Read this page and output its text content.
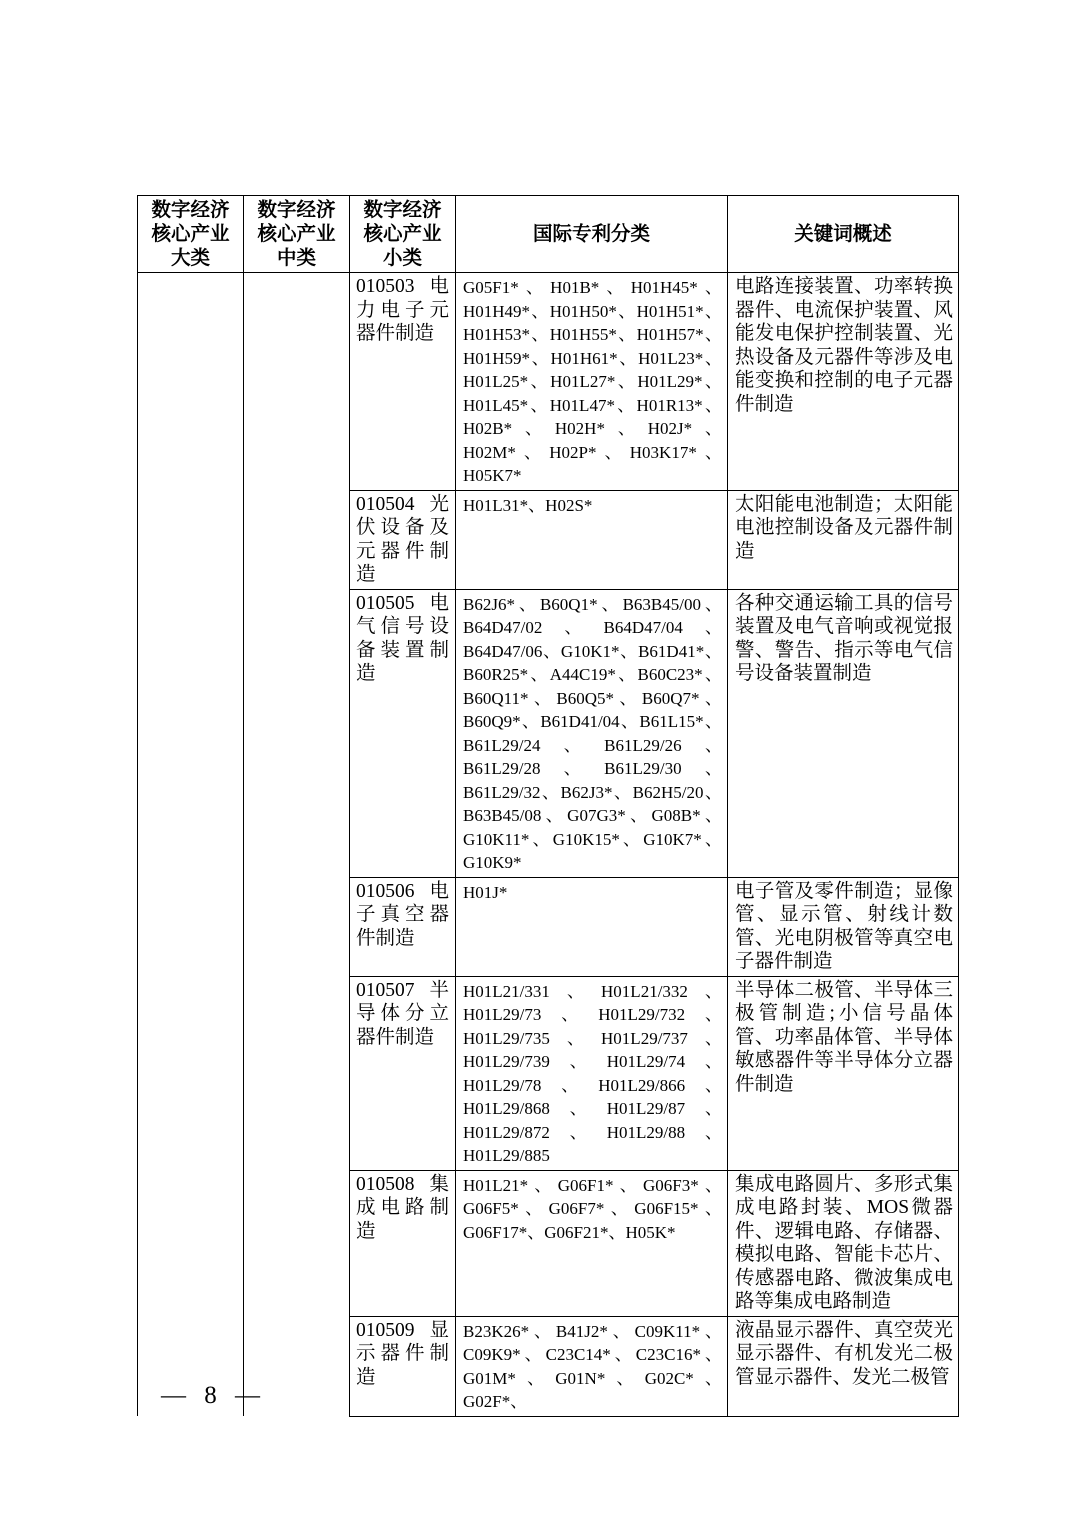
数字经济核心产业大类	数字经济核心产业中类	数字经济核心产业小类	国际专利分类	关键词概述
		010503 电力电子元器件制造	G05F1*、H01B*、H01H45*、H01H49*、H01H50*、H01H51*、H01H53*、H01H55*、H01H57*、H01H59*、H01H61*、H01L23*、H01L25*、H01L27*、H01L29*、H01L45*、H01L47*、H01R13*、H02B*、H02H*、H02J*、H02M*、H02P*、H03K17*、H05K7*	电路连接装置、功率转换器件、电流保护装置、风能发电保护控制装置、光热设备及元器件等涉及电能变换和控制的电子元器件制造
		010504 光伏设备及元器件制造	H01L31*、H02S*	太阳能电池制造；太阳能电池控制设备及元器件制造
		010505 电气信号设备装置制造	B62J6*、B60Q1*、B63B45/00、B64D47/02、B64D47/04、B64D47/06、G10K1*、B61D41*、B60R25*、A44C19*、B60C23*、B60Q11*、B60Q5*、B60Q7*、B60Q9*、B61D41/04、B61L15*、B61L29/24、B61L29/26、B61L29/28、B61L29/30、B61L29/32、B62J3*、B62H5/20、B63B45/08、G07G3*、G08B*、G10K11*、G10K15*、G10K7*、G10K9*	各种交通运输工具的信号装置及电气音响或视觉报警、警告、指示等电气信号设备装置制造
		010506 电子真空器件制造	H01J*	电子管及零件制造；显像管、显示管、射线计数管、光电阴极管等真空电子器件制造
		010507 半导体分立器件制造	H01L21/331、H01L21/332、H01L29/73、H01L29/732、H01L29/735、H01L29/737、H01L29/739、H01L29/74、H01L29/78、H01L29/866、H01L29/868、H01L29/87、H01L29/872、H01L29/88、H01L29/885	半导体二极管、半导体三极管制造;小信号晶体管、功率晶体管、半导体敏感器件等半导体分立器件制造
		010508 集成电路制造	H01L21*、G06F1*、G06F3*、G06F5*、G06F7*、G06F15*、G06F17*、G06F21*、H05K*	集成电路圆片、多形式集成电路封装、MOS微器件、逻辑电路、存储器、模拟电路、智能卡芯片、传感器电路、微波集成电路等集成电路制造
		010509 显示器件制造	B23K26*、B41J2*、C09K11*、C09K9*、C23C14*、C23C16*、G01M*、G01N*、G02C*、G02F*、	液晶显示器件、真空荧光显示器件、有机发光二极管显示器件、发光二极管
— 8 —
